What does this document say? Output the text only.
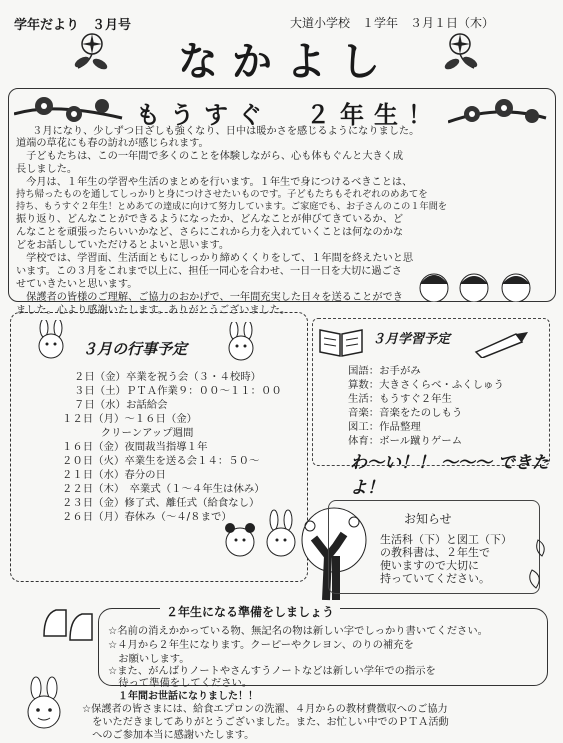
学年だより　３月号	大道小学校　１学年　３月１日（木）
なかよし
もうすぐ　２年生！
　３月になり、少しずつ日ざしも強くなり、日中は暖かさを感じるようになりました。
道端の草花にも春の訪れが感じられます。
　子どもたちは、この一年間で多くのことを体験しながら、心も体もぐんと大きく成
長しました。
　今月は、１年生の学習や生活のまとめを行います。１年生で身につけるべきことは、
持ち帰ったものを通してしっかりと身につけさせたいものです。子どもたちもそれぞれのめあてを
持ち、もうすぐ２年生！とめあての達成に向けて努力しています。ご家庭でも、お子さんのこの１年間を
振り返り、どんなことができるようになったか、どんなことが伸びてきているか、ど
んなことを頑張ったらいいかなど、さらにこれから力を入れていくことは何なのかな
どをお話ししていただけるとよいと思います。
　学校では、学習面、生活面ともにしっかり締めくくりをして、１年間を終えたいと思
います。この３月をこれまで以上に、担任一同心を合わせ、一日一日を大切に過ごさ
せていきたいと思います。
　保護者の皆様のご理解、ご協力のおかげで、一年間充実した日々を送ることができ
ました。心より感謝いたします。ありがとうございました。
３月の行事予定
２日（金）卒業を祝う会（３・４校時）
３日（土）ＰＴＡ作業９：００～１１：００
７日（水）お話給会
１２日（月）～１６日（金）
　　クリーンアップ週間
１６日（金）夜間裁当指導１年
２０日（火）卒業生を送る会１４：５０～
２１日（水）春分の日
２２日（木）　卒業式（１～４年生は休み）
２３日（金）修了式、離任式（給食なし）
２６日（月）春休み（～４/８まで）
３月学習予定
国語：お手がみ
算数：大きさくらべ・ふくしゅう
生活：もうすぐ２年生
音楽：音楽をたのしもう
図工：作品整理
体育：ボール蹴りゲーム
わ～い！！ ～～～ できたよ！
お知らせ
生活科（下）と図工（下）
の教科書は、２年生で
使いますので大切に
持っていてください。
２年生になる準備をしましょう
☆名前の消えかかっている物、無記名の物は新しい字でしっかり書いてください。
☆４月から２年生になります。クーピーやクレヨン、のりの補充を
　お願いします。
☆また、がんばりノートやさんすうノートなどは新しい学年での指示を
　待って準備をしてください。
１年間お世話になりました！！
☆保護者の皆さまには、給食エプロンの洗濯、４月からの教材費徴収へのご協力
　をいただきましてありがとうございました。また、お忙しい中でのＰＴＡ活動
　へのご参加本当に感謝いたします。
